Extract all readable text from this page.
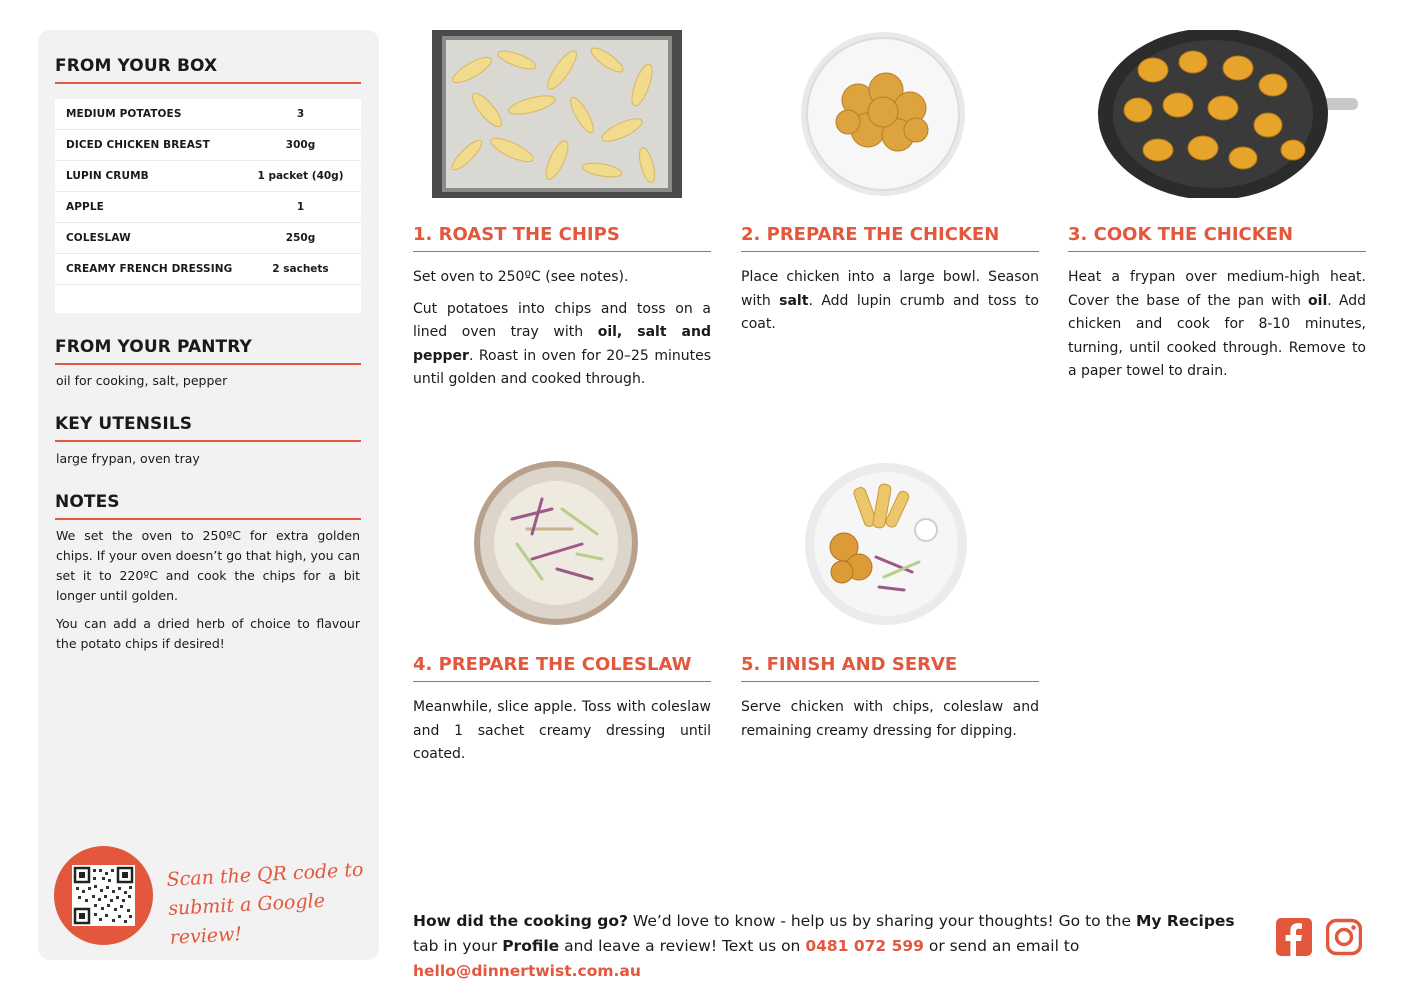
FROM YOUR BOX
MEDIUM POTATOES	3
DICED CHICKEN BREAST	300g
LUPIN CRUMB	1 packet (40g)
APPLE	1
COLESLAW	250g
CREAMY FRENCH DRESSING	2 sachets
FROM YOUR PANTRY
oil for cooking, salt, pepper
KEY UTENSILS
large frypan, oven tray
NOTES

We set the oven to 250ºC for extra golden chips. If your oven doesn’t go that high, you can set it to 220ºC and cook the chips for a bit longer until golden.

You can add a dried herb of choice to flavour the potato chips if desired!

Scan the QR code to
submit a Google review!
1. ROAST THE CHIPS

Set oven to 250ºC (see notes).

Cut potatoes into chips and toss on a lined oven tray with oil, salt and pepper. Roast in oven for 20–25 minutes until golden and cooked through.

2. PREPARE THE CHICKEN

Place chicken into a large bowl. Season with salt. Add lupin crumb and toss to coat.

3. COOK THE CHICKEN

Heat a frypan over medium-high heat. Cover the base of the pan with oil. Add chicken and cook for 8-10 minutes, turning, until cooked through. Remove to a paper towel to drain.

4. PREPARE THE COLESLAW

Meanwhile, slice apple. Toss with coleslaw and 1 sachet creamy dressing until coated.

5. FINISH AND SERVE

Serve chicken with chips, coleslaw and remaining creamy dressing for dipping.

How did the cooking go? We’d love to know - help us by sharing your thoughts! Go to the My Recipes tab in your Profile and leave a review! Text us on 0481 072 599 or send an email to hello@dinnertwist.com.au
